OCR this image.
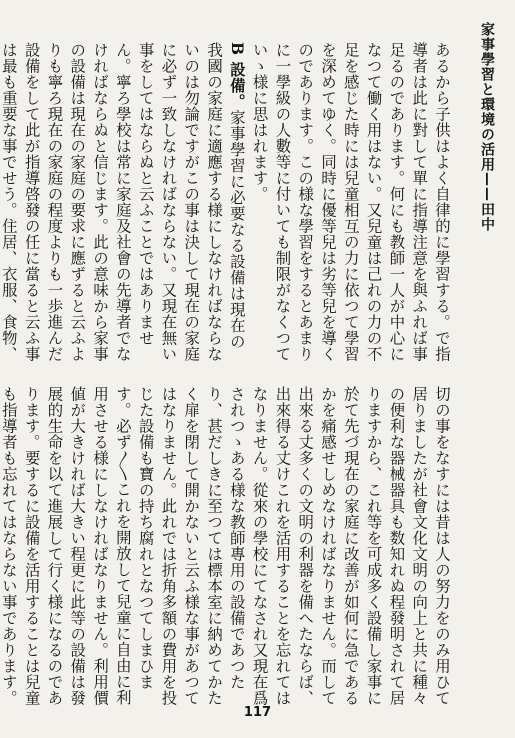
家事學習と環境の活用——田中
あるから子供はよく自律的に學習する。で指導者は此に對して單に指導注意を與ふれば事足るのであります。何にも教師一人が中心になつて働く用はない。又兒童は己れの力の不足を感じた時には兒童相互の力に依つて學習を深めてゆく。同時に優等兒は劣等兒を導くのであります。この様な學習をするとあまりに一學級の人數等に付いても制限がなくつていゝ様に思はれます。
B 設備。家事學習に必要なる設備は現在の我國の家庭に適應する様にしなければならないのは勿論ですがこの事は決して現在の家庭に必ず一致しなければならない。又現在無い事をしてはならぬと云ふことではありません。寧ろ學校は常に家庭及社會の先導者でなければならぬと信じます。此の意味から家事の設備は現在の家庭の要求に應ずると云ふよりも寧ろ現在の家庭の程度よりも一歩進んだ設備をして此が指導啓發の任に當ると云ふ事は最も重要な事でせう。住居、衣服、食物、
切の事をなすには昔は人の努力をのみ用ひて居りましたが社會文化文明の向上と共に種々の便利な器械器具も数知れぬ程發明されて居りますから、これ等を可成多く設備し家事に於て先づ現在の家庭に改善が如何に急であるかを痛感せしめなければなりません。而して出來る丈多くの文明の利器を備へたならば、出來得る丈けこれを活用することを忘れてはなりません。從來の學校にてなされ又現在爲されつゝある様な教師專用の設備であつたり、甚だしきに至つては標本室に納めてかたく扉を閉して開かないと云ふ様な事があつてはなりません。此れでは折角多額の費用を投じた設備も寶の持ち腐れとなつてしまひます。必ず〳〵これを開放して兒童に自由に利用させる様にしなければなりません。利用價値が大きければ大きい程更に此等の設備は發展的生命を以て進展して行く様になるのであります。要するに設備を活用することは兒童も指導者も忘れてはならない事であります。
117
